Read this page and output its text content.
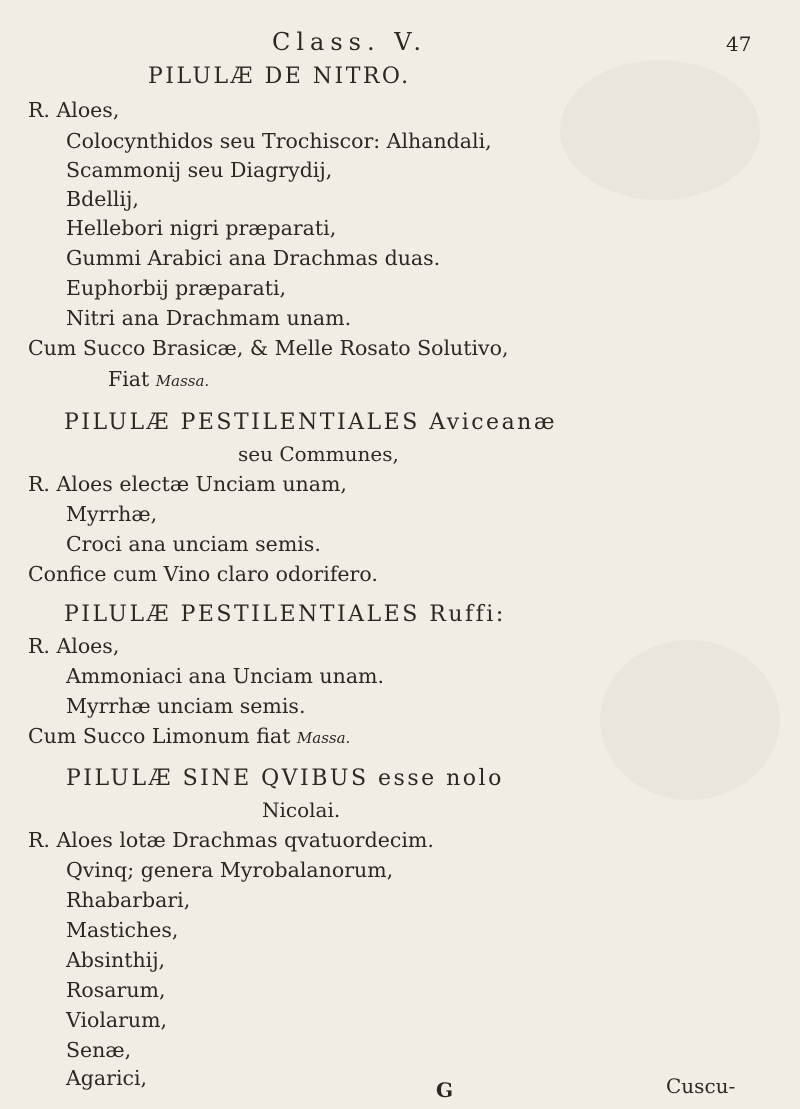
Class. V.	47
PILULÆ DE NITRO.
R. Aloes,
Colocynthidos seu Trochiscor: Alhandali,
Scammonij seu Diagrydij,
Bdellij,
Hellebori nigri præparati,
Gummi Arabici ana Drachmas duas.
Euphorbij præparati,
Nitri ana Drachmam unam.
Cum Succo Brasicæ, & Melle Rosato Solutivo,
Fiat Massa.
PILULÆ PESTILENTIALES Aviceanæ
seu Communes,
R. Aloes electæ Unciam unam,
Myrrhæ,
Croci ana unciam semis.
Confice cum Vino claro odorifero.
PILULÆ PESTILENTIALES Ruffi:
R. Aloes,
Ammoniaci ana Unciam unam.
Myrrhæ unciam semis.
Cum Succo Limonum fiat Massa.
PILULÆ SINE QVIBUS esse nolo
Nicolai.
R. Aloes lotæ Drachmas qvatuordecim.
Qvinq; genera Myrobalanorum,
Rhabarbari,
Mastiches,
Absinthij,
Rosarum,
Violarum,
Senæ,
Agarici,	G	Cuscu-
